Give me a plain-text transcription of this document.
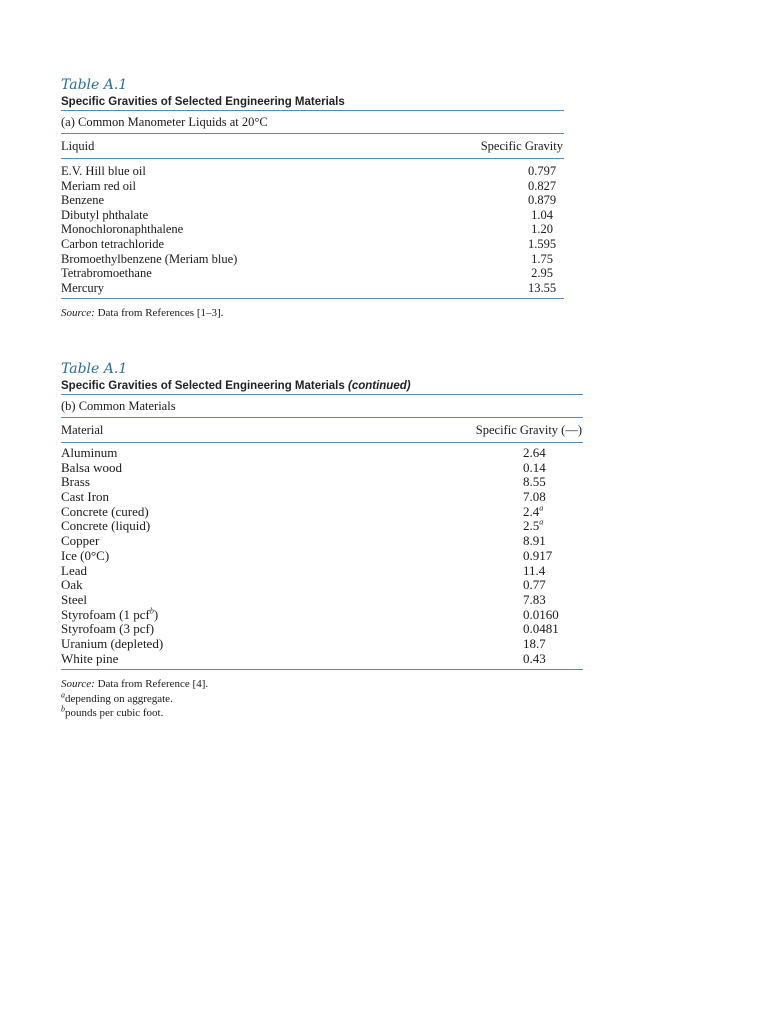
Table A.1
Specific Gravities of Selected Engineering Materials
(a) Common Manometer Liquids at 20°C
Liquid	Specific Gravity
E.V. Hill blue oil	0.797
Meriam red oil	0.827
Benzene	0.879
Dibutyl phthalate	1.04
Monochloronaphthalene	1.20
Carbon tetrachloride	1.595
Bromoethylbenzene (Meriam blue)	1.75
Tetrabromoethane	2.95
Mercury	13.55
Source: Data from References [1–3].
Table A.1
Specific Gravities of Selected Engineering Materials (continued)
(b) Common Materials
Material	Specific Gravity (—)
Aluminum	2.64
Balsa wood	0.14
Brass	8.55
Cast Iron	7.08
Concrete (cured)	2.4$^a$
Concrete (liquid)	2.5$^a$
Copper	8.91
Ice (0°C)	0.917
Lead	11.4
Oak	0.77
Steel	7.83
Styrofoam (1 pcf$^b$)	0.0160
Styrofoam (3 pcf)	0.0481
Uranium (depleted)	18.7
White pine	0.43
Source: Data from Reference [4].
$^a$depending on aggregate.
$^b$pounds per cubic foot.
